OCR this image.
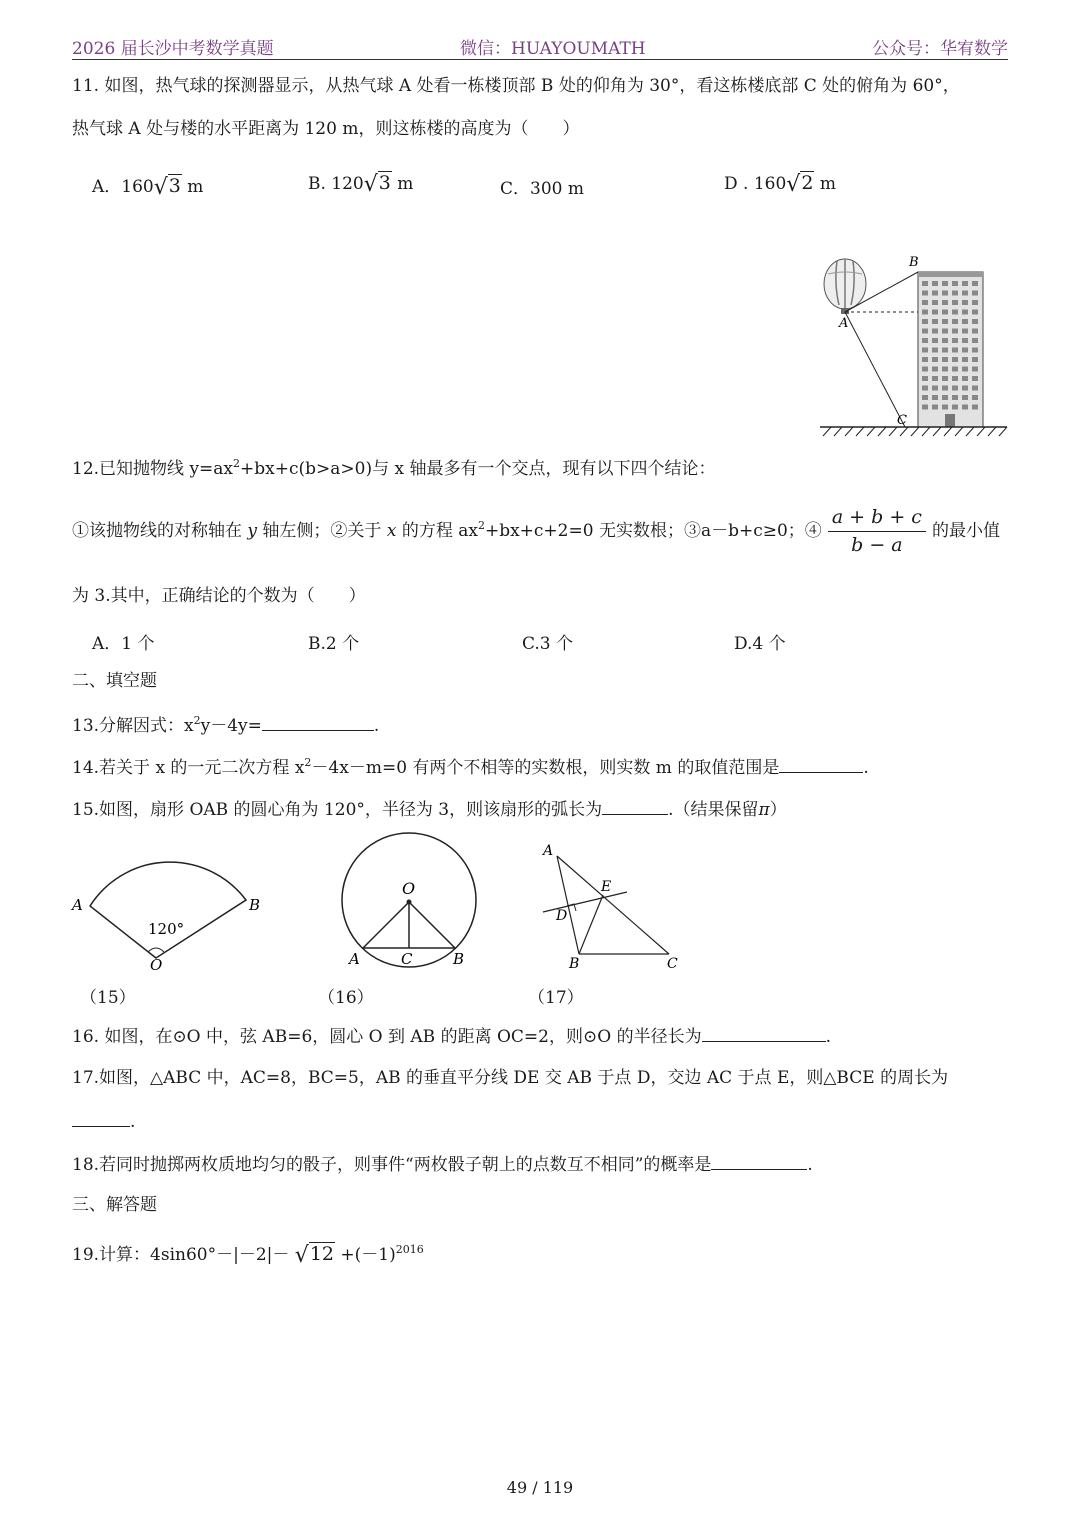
2026 届长沙中考数学真题	微信：HUAYOUMATH	公众号：华宥数学
11. 如图，热气球的探测器显示，从热气球 A 处看一栋楼顶部 B 处的仰角为 30°，看这栋楼底部 C 处的俯角为 60°，
热气球 A 处与楼的水平距离为 120 m，则这栋楼的高度为（　　）
A．160√3 m	B. 120√3 m	C．300 m	D . 160√2 m
A
B
C
12.已知抛物线 $y=ax^2+bx+c(b>a>0)$与 x 轴最多有一个交点，现有以下四个结论：
①该抛物线的对称轴在 y 轴左侧；②关于 x 的方程 $ax^2+bx+c+2=0$ 无实数根；③a－b+c≥0；④ $\frac{a + b + c}{b - a}$ 的最小值
为 3.其中，正确结论的个数为（　　）
A．1 个	B.2 个	C.3 个	D.4 个
二、填空题
13.分解因式：$x^2y-4y=$	.
14.若关于 x 的一元二次方程 $x^2-4x-m=0$ 有两个不相等的实数根，则实数 m 的取值范围是	.
15.如图，扇形 OAB 的圆心角为 120°，半径为 3，则该扇形的弧长为	.（结果保留π）
A	B
O
120°
（15）
O
A	C	B
（16）
A
E
D
B	C
（17）
16. 如图，在⊙O 中，弦 AB=6，圆心 O 到 AB 的距离 OC=2，则⊙O 的半径长为	.
17.如图，△ABC 中，AC=8，BC=5，AB 的垂直平分线 DE 交 AB 于点 D，交边 AC 于点 E，则△BCE 的周长为
.
18.若同时抛掷两枚质地均匀的骰子，则事件“两枚骰子朝上的点数互不相同”的概率是	.
三、解答题
19.计算：$4\sin 60^\circ-|-2|- √12 +(-1)^{2016}$
49 / 119
